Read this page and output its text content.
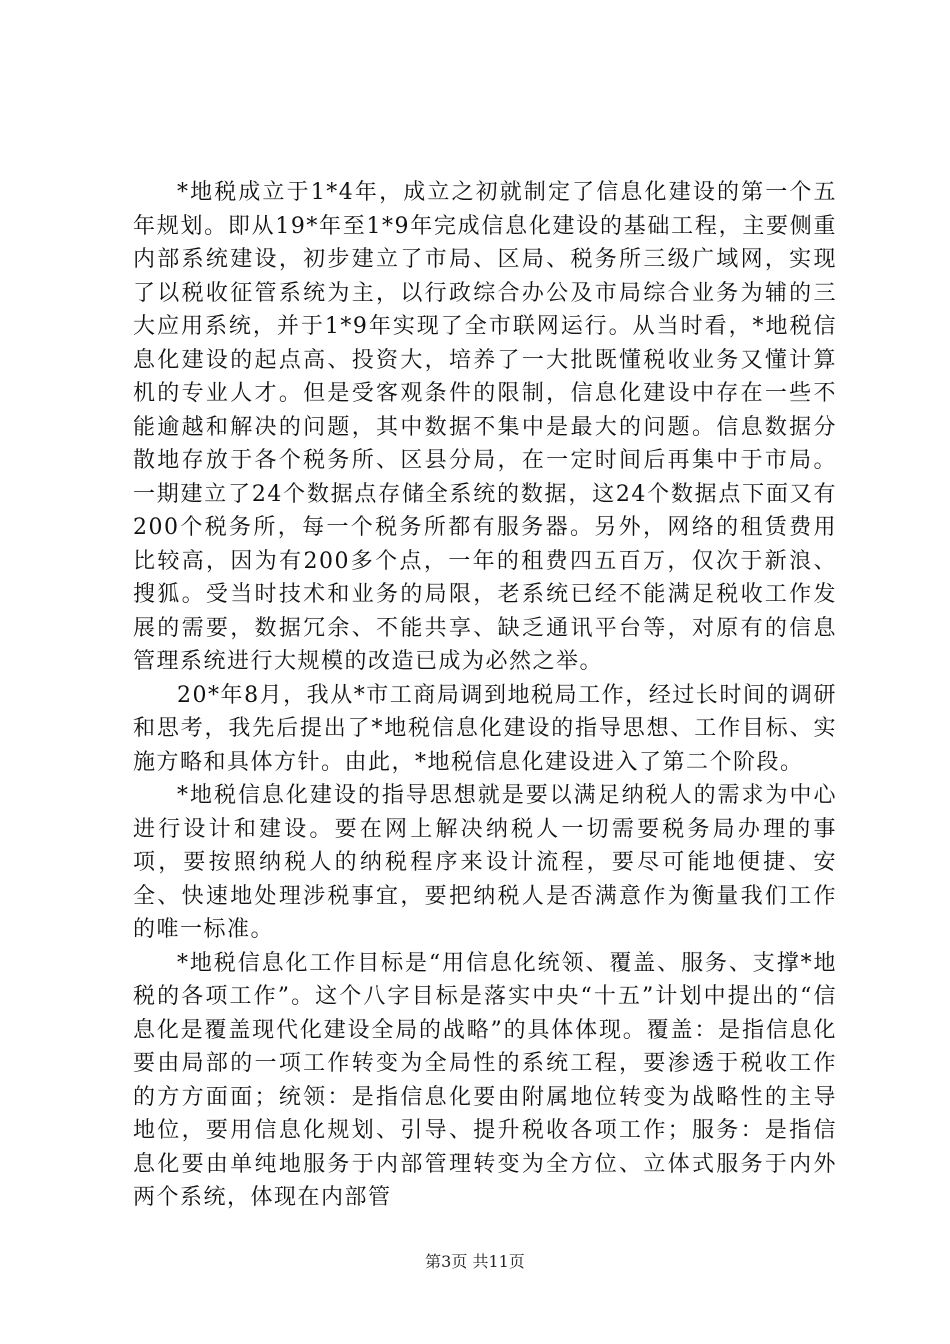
*地税成立于1*4年，成立之初就制定了信息化建设的第一个五年规划。即从19*年至1*9年完成信息化建设的基础工程，主要侧重内部系统建设，初步建立了市局、区局、税务所三级广域网，实现了以税收征管系统为主，以行政综合办公及市局综合业务为辅的三大应用系统，并于1*9年实现了全市联网运行。从当时看，*地税信息化建设的起点高、投资大，培养了一大批既懂税收业务又懂计算机的专业人才。但是受客观条件的限制，信息化建设中存在一些不能逾越和解决的问题，其中数据不集中是最大的问题。信息数据分散地存放于各个税务所、区县分局，在一定时间后再集中于市局。一期建立了24个数据点存储全系统的数据，这24个数据点下面又有200个税务所，每一个税务所都有服务器。另外，网络的租赁费用比较高，因为有200多个点，一年的租费四五百万，仅次于新浪、搜狐。受当时技术和业务的局限，老系统已经不能满足税收工作发展的需要，数据冗余、不能共享、缺乏通讯平台等，对原有的信息管理系统进行大规模的改造已成为必然之举。

20*年8月，我从*市工商局调到地税局工作，经过长时间的调研和思考，我先后提出了*地税信息化建设的指导思想、工作目标、实施方略和具体方针。由此，*地税信息化建设进入了第二个阶段。

*地税信息化建设的指导思想就是要以满足纳税人的需求为中心进行设计和建设。要在网上解决纳税人一切需要税务局办理的事项，要按照纳税人的纳税程序来设计流程，要尽可能地便捷、安全、快速地处理涉税事宜，要把纳税人是否满意作为衡量我们工作的唯一标准。

*地税信息化工作目标是“用信息化统领、覆盖、服务、支撑*地税的各项工作”。这个八字目标是落实中央“十五”计划中提出的“信息化是覆盖现代化建设全局的战略”的具体体现。覆盖：是指信息化要由局部的一项工作转变为全局性的系统工程，要渗透于税收工作的方方面面；统领：是指信息化要由附属地位转变为战略性的主导地位，要用信息化规划、引导、提升税收各项工作；服务：是指信息化要由单纯地服务于内部管理转变为全方位、立体式服务于内外两个系统，体现在内部管

第3页 共11页
